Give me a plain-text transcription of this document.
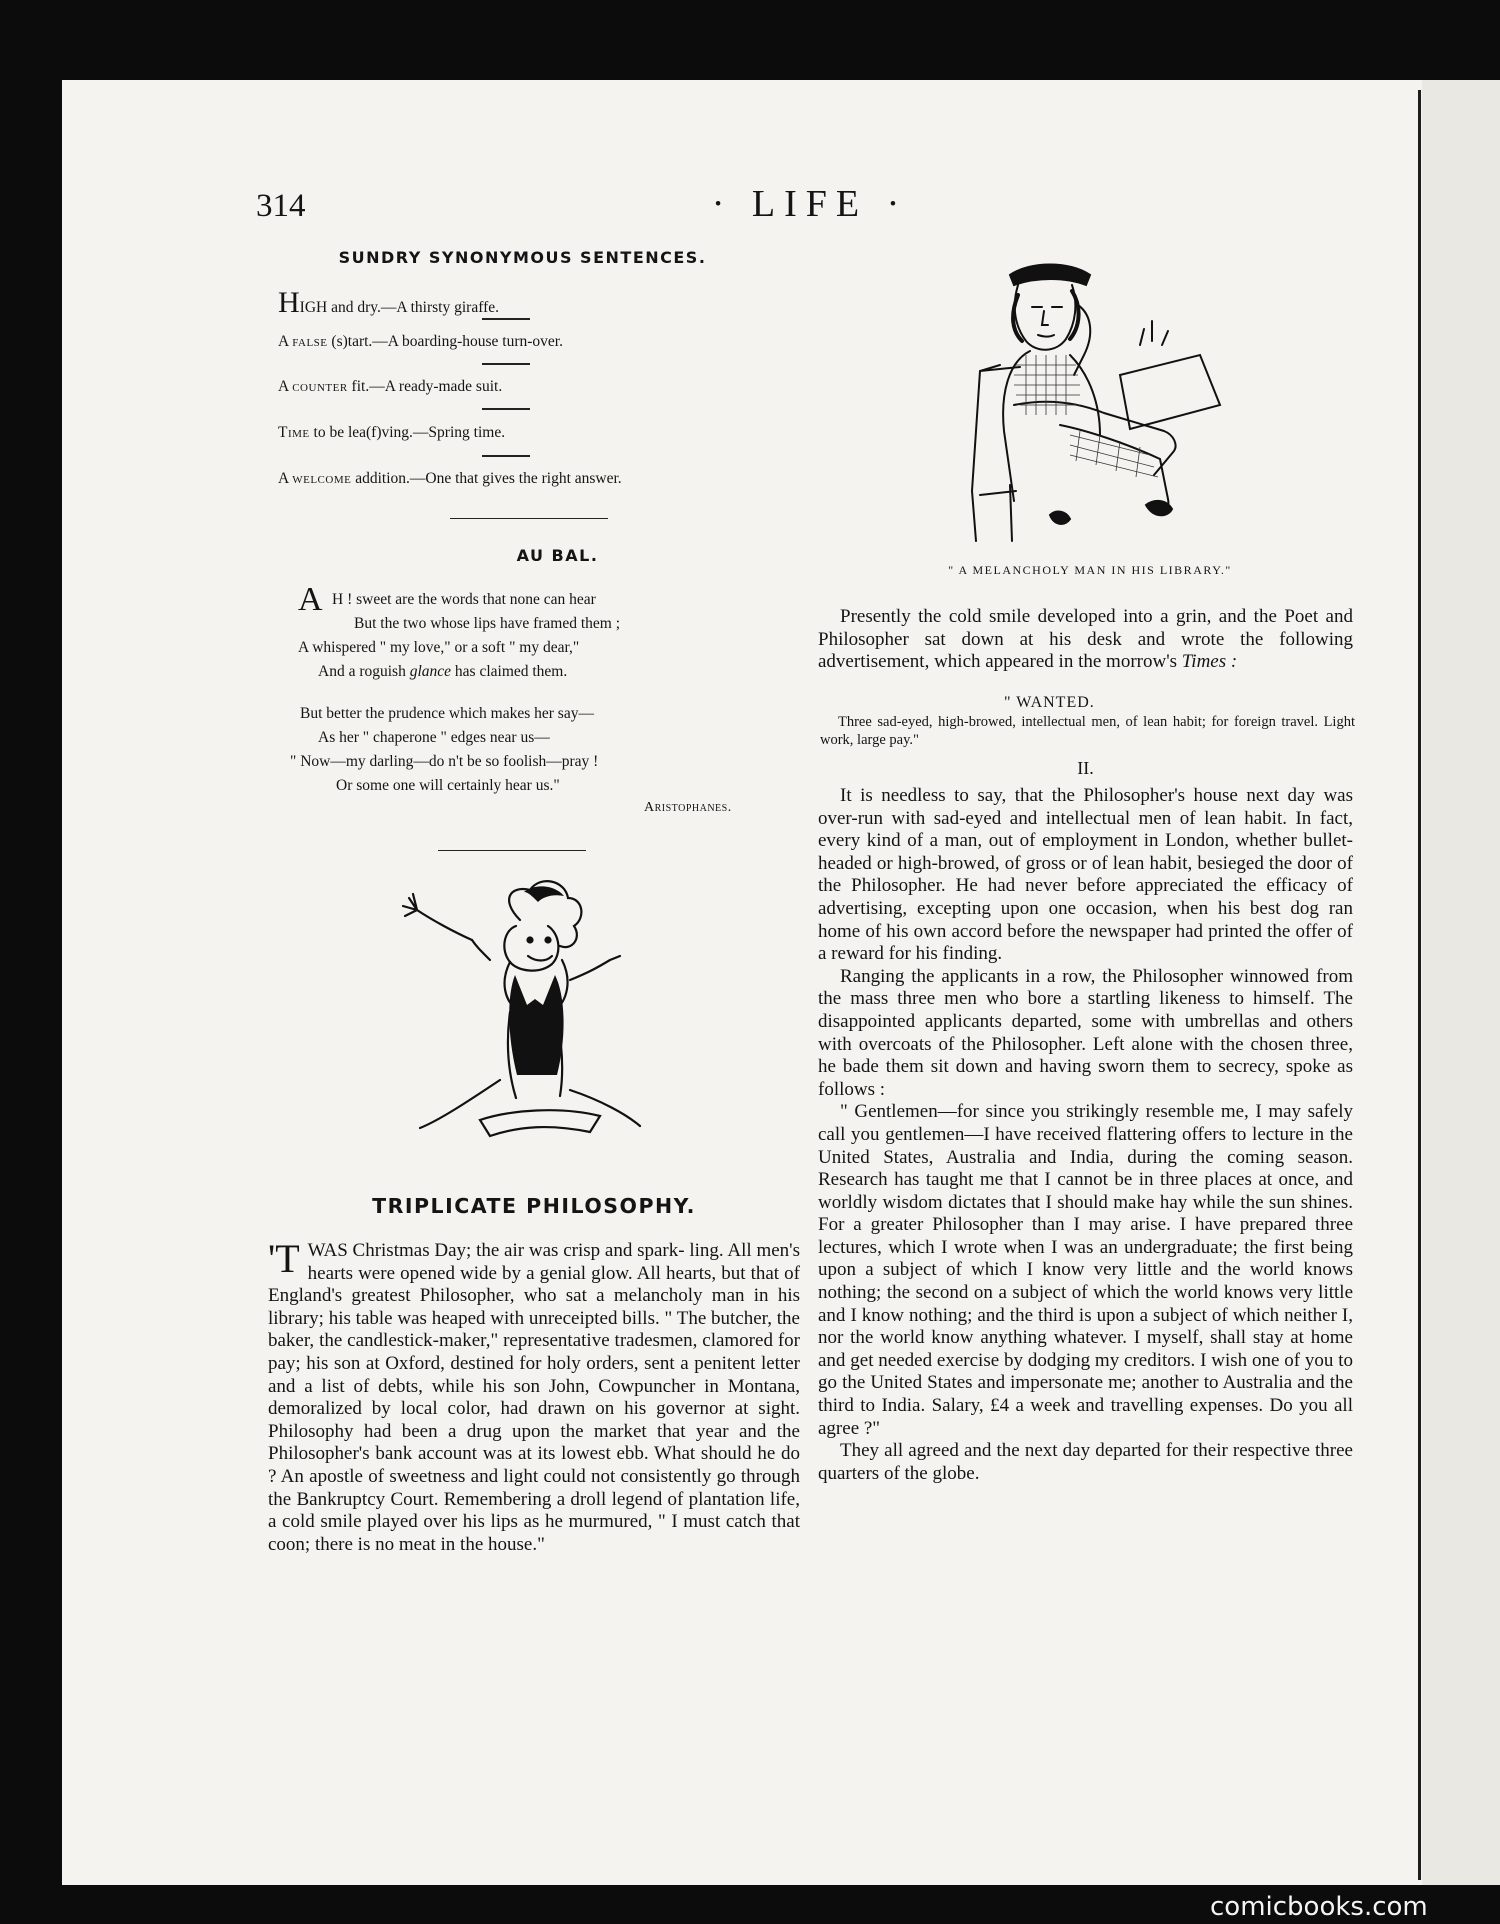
314	· LIFE ·
SUNDRY SYNONYMOUS SENTENCES.
HIGH and dry.—A thirsty giraffe.
A false (s)tart.—A boarding-house turn-over.
A counter fit.—A ready-made suit.
Time to be lea(f)ving.—Spring time.
A welcome addition.—One that gives the right answer.
AU BAL.
A H ! sweet are the words that none can hear
But the two whose lips have framed them ;
A whispered " my love," or a soft " my dear,"
And a roguish glance has claimed them.
But better the prudence which makes her say—
As her " chaperone " edges near us—
" Now—my darling—do n't be so foolish—pray !
Or some one will certainly hear us."
Aristophanes.
TRIPLICATE PHILOSOPHY.

'TWAS Christmas Day; the air was crisp and spark- ling. All men's hearts were opened wide by a genial glow. All hearts, but that of England's greatest Philosopher, who sat a melancholy man in his library; his table was heaped with unreceipted bills. " The butcher, the baker, the candlestick-maker," representative tradesmen, clamored for pay; his son at Oxford, destined for holy orders, sent a penitent letter and a list of debts, while his son John, Cowpuncher in Montana, demoralized by local color, had drawn on his governor at sight. Philosophy had been a drug upon the market that year and the Philosopher's bank account was at its lowest ebb. What should he do ? An apostle of sweetness and light could not consistently go through the Bankruptcy Court. Remembering a droll legend of plantation life, a cold smile played over his lips as he murmured, " I must catch that coon; there is no meat in the house."

" A MELANCHOLY MAN IN HIS LIBRARY."

Presently the cold smile developed into a grin, and the Poet and Philosopher sat down at his desk and wrote the following advertisement, which appeared in the morrow's Times :

" WANTED.
Three sad-eyed, high-browed, intellectual men, of lean habit; for foreign travel. Light work, large pay."
II.

It is needless to say, that the Philosopher's house next day was over-run with sad-eyed and intellectual men of lean habit. In fact, every kind of a man, out of employment in London, whether bullet-headed or high-browed, of gross or of lean habit, besieged the door of the Philosopher. He had never before appreciated the efficacy of advertising, excepting upon one occasion, when his best dog ran home of his own accord before the newspaper had printed the offer of a reward for his finding.

Ranging the applicants in a row, the Philosopher winnowed from the mass three men who bore a startling likeness to himself. The disappointed applicants departed, some with umbrellas and others with overcoats of the Philosopher. Left alone with the chosen three, he bade them sit down and having sworn them to secrecy, spoke as follows :

" Gentlemen—for since you strikingly resemble me, I may safely call you gentlemen—I have received flattering offers to lecture in the United States, Australia and India, during the coming season. Research has taught me that I cannot be in three places at once, and worldly wisdom dictates that I should make hay while the sun shines. For a greater Philosopher than I may arise. I have prepared three lectures, which I wrote when I was an undergraduate; the first being upon a subject of which I know very little and the world knows nothing; the second on a subject of which the world knows very little and I know nothing; and the third is upon a subject of which neither I, nor the world know anything whatever. I myself, shall stay at home and get needed exercise by dodging my creditors. I wish one of you to go the United States and impersonate me; another to Australia and the third to India. Salary, £4 a week and travelling expenses. Do you all agree ?"

They all agreed and the next day departed for their respective three quarters of the globe.

comicbooks.com
